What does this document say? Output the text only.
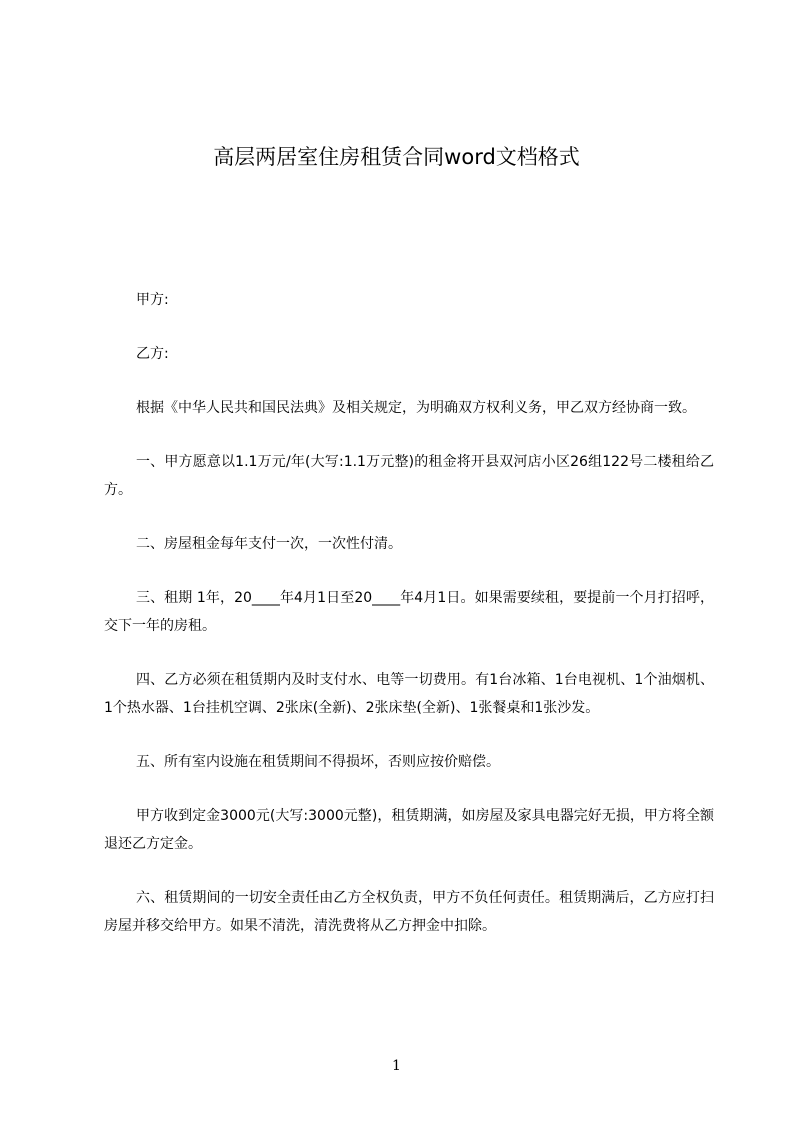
高层两居室住房租赁合同word文档格式

甲方:

乙方:

根据《中华人民共和国民法典》及相关规定，为明确双方权利义务，甲乙双方经协商一致。

一、甲方愿意以1.1万元/年(大写:1.1万元整)的租金将开县双河店小区26组122号二楼租给乙方。

二、房屋租金每年支付一次，一次性付清。

三、租期 1年，20____年4月1日至20____年4月1日。如果需要续租，要提前一个月打招呼，交下一年的房租。

四、乙方必须在租赁期内及时支付水、电等一切费用。有1台冰箱、1台电视机、1个油烟机、1个热水器、1台挂机空调、2张床(全新)、2张床垫(全新)、1张餐桌和1张沙发。

五、所有室内设施在租赁期间不得损坏，否则应按价赔偿。

甲方收到定金3000元(大写:3000元整)，租赁期满，如房屋及家具电器完好无损，甲方将全额退还乙方定金。

六、租赁期间的一切安全责任由乙方全权负责，甲方不负任何责任。租赁期满后，乙方应打扫房屋并移交给甲方。如果不清洗，清洗费将从乙方押金中扣除。

1
